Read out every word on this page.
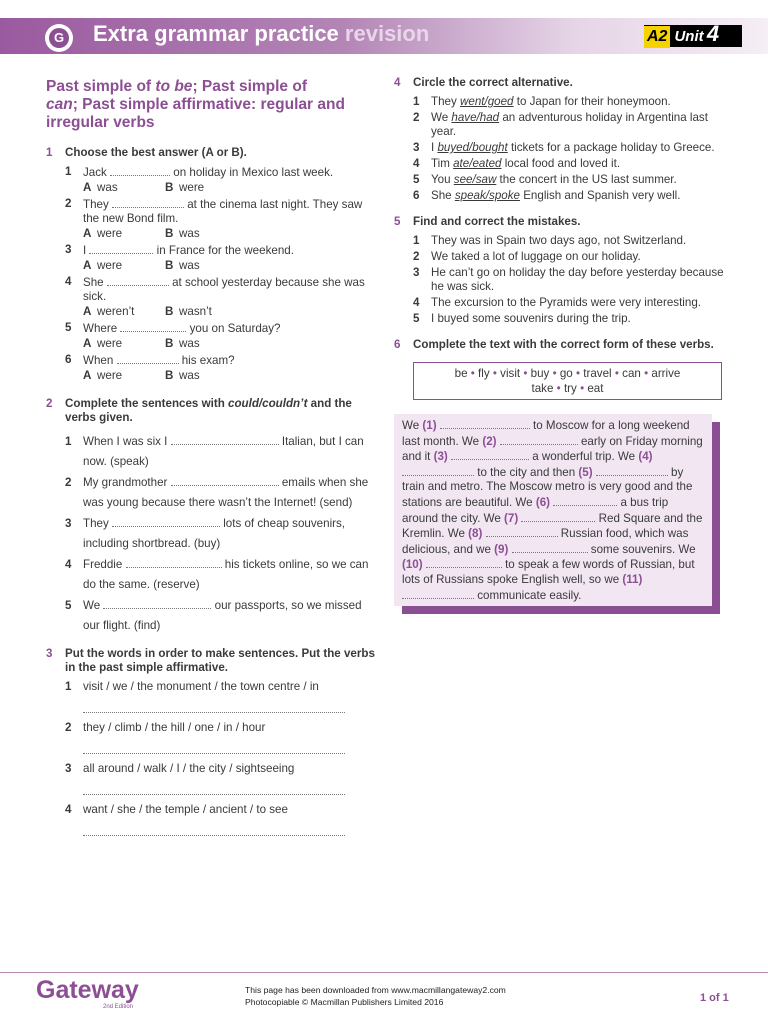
G Extra grammar practice revision	A2 Unit 4
Past simple of to be; Past simple of
can; Past simple affirmative: regular and irregular verbs
1 Choose the best answer (A or B).
1 Jack	on holiday in Mexico last week.
A was	B were
2 They	at the cinema last night. They saw the new Bond film.
A were	B was
3 I	in France for the weekend.
A were	B was
4 She	at school yesterday because she was sick.
A weren’t	B wasn’t
5 Where	you on Saturday?
A were	B was
6 When	his exam?
A were	B was
2 Complete the sentences with could/couldn’t and the verbs given.
1 When I was six I	Italian, but I can now. (speak)
2 My grandmother	emails when she was young because there wasn’t the Internet! (send)
3 They	lots of cheap souvenirs, including shortbread. (buy)
4 Freddie	his tickets online, so we can do the same. (reserve)
5 We	our passports, so we missed our flight. (find)
3 Put the words in order to make sentences. Put the verbs in the past simple affirmative.
1 visit / we / the monument / the town centre / in
2 they / climb / the hill / one / in / hour
3 all around / walk / I / the city / sightseeing
4 want / she / the temple / ancient / to see
4 Circle the correct alternative.
1 They went/goed to Japan for their honeymoon.
2 We have/had an adventurous holiday in Argentina last year.
3 I buyed/bought tickets for a package holiday to Greece.
4 Tim ate/eated local food and loved it.
5 You see/saw the concert in the US last summer.
6 She speak/spoke English and Spanish very well.
5 Find and correct the mistakes.
1 They was in Spain two days ago, not Switzerland.
2 We taked a lot of luggage on our holiday.
3 He can’t go on holiday the day before yesterday because he was sick.
4 The excursion to the Pyramids were very interesting.
5 I buyed some souvenirs during the trip.
6 Complete the text with the correct form of these verbs.
be • fly • visit • buy • go • travel • can • arrive
take • try • eat
We (1)	to Moscow for a long weekend last month. We (2)	early on Friday morning and it (3)	a wonderful trip. We (4)  to the city and then (5)	by train and metro. The Moscow metro is very good and the stations are beautiful. We (6)	a bus trip around the city. We (7)	Red Square and the Kremlin. We (8)	Russian food, which was delicious, and we (9)	some souvenirs. We (10)	to speak a few words of Russian, but lots of Russians spoke English well, so we (11)  communicate easily.
Gateway
2nd Edition
This page has been downloaded from www.macmillangateway2.com
Photocopiable © Macmillan Publishers Limited 2016	1 of 1
